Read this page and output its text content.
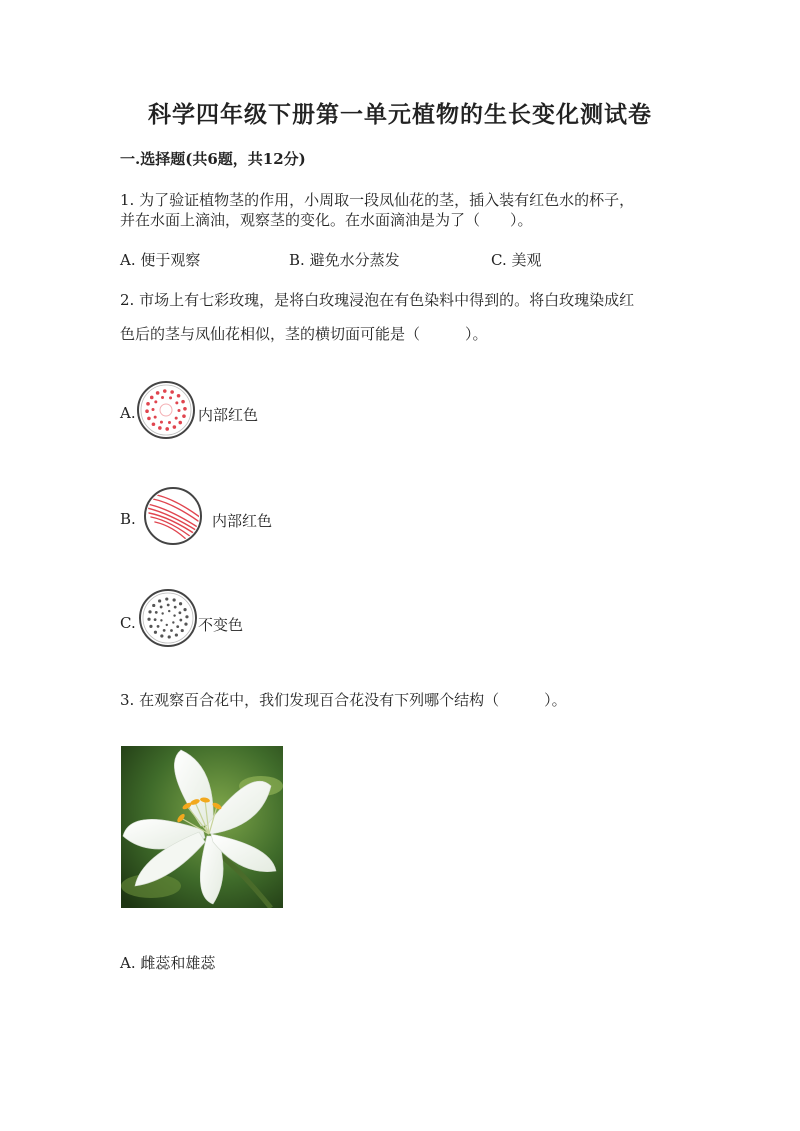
科学四年级下册第一单元植物的生长变化测试卷
一.选择题(共6题，共12分)

1. 为了验证植物茎的作用，小周取一段凤仙花的茎，插入装有红色水的杯子，

并在水面上滴油，观察茎的变化。在水面滴油是为了（　　）。

A. 便于观察	B. 避免水分蒸发	C. 美观

2. 市场上有七彩玫瑰，是将白玫瑰浸泡在有色染料中得到的。将白玫瑰染成红

色后的茎与凤仙花相似，茎的横切面可能是（　　　）。

A.	内部红色
B.	内部红色
C.	不变色

3. 在观察百合花中，我们发现百合花没有下列哪个结构（　　　）。

A. 雌蕊和雄蕊
